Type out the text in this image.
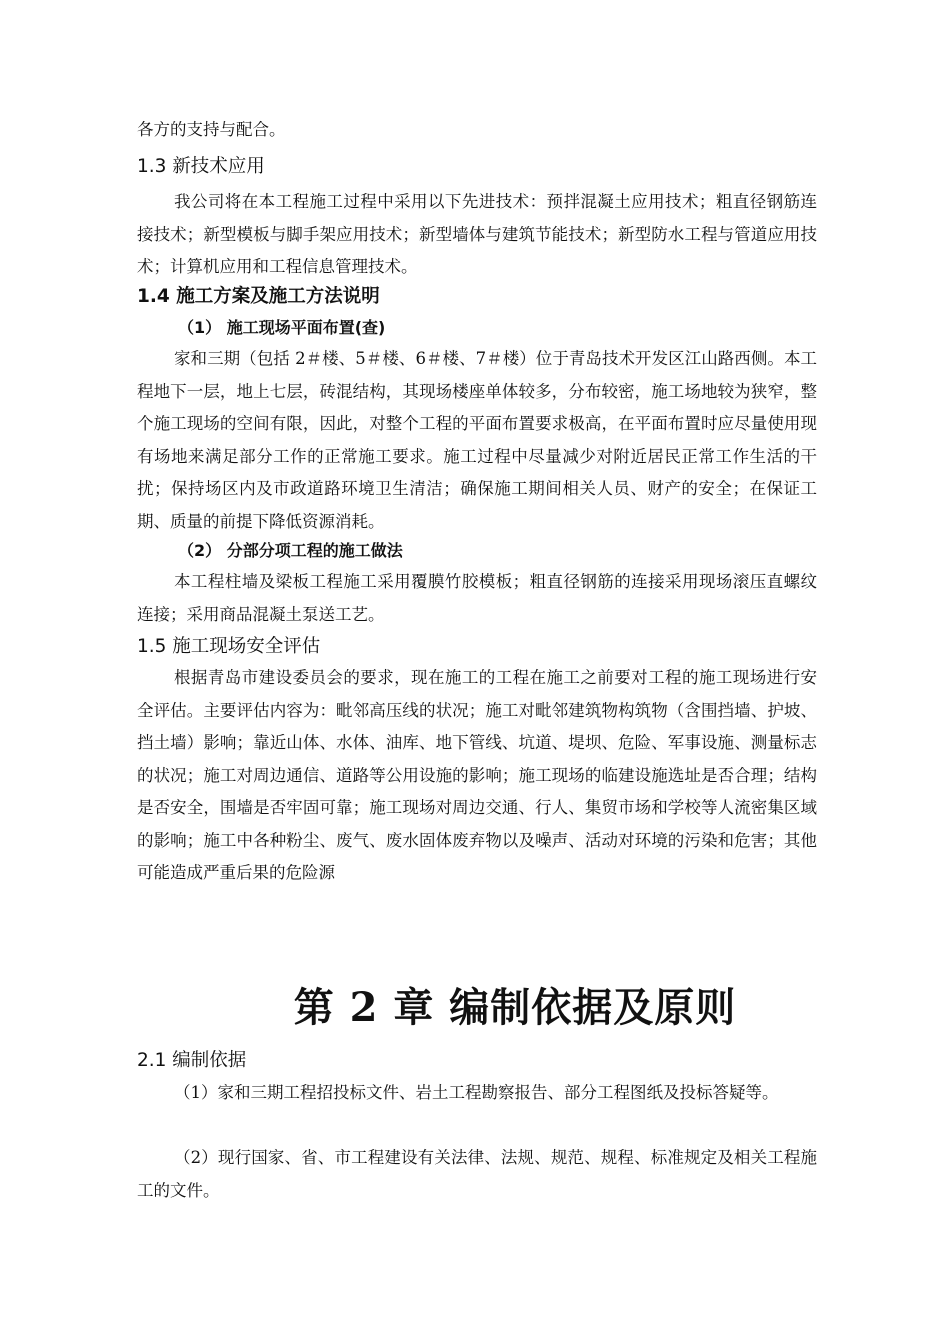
各方的支持与配合。

1.3 新技术应用

我公司将在本工程施工过程中采用以下先进技术：预拌混凝土应用技术；粗直径钢筋连接技术；新型模板与脚手架应用技术；新型墙体与建筑节能技术；新型防水工程与管道应用技术；计算机应用和工程信息管理技术。

1.4 施工方案及施工方法说明

（1） 施工现场平面布置(查)

家和三期（包括 2＃楼、5＃楼、6＃楼、7＃楼）位于青岛技术开发区江山路西侧。本工程地下一层，地上七层，砖混结构，其现场楼座单体较多，分布较密，施工场地较为狭窄，整个施工现场的空间有限，因此，对整个工程的平面布置要求极高，在平面布置时应尽量使用现有场地来满足部分工作的正常施工要求。施工过程中尽量减少对附近居民正常工作生活的干扰；保持场区内及市政道路环境卫生清洁；确保施工期间相关人员、财产的安全；在保证工期、质量的前提下降低资源消耗。

（2） 分部分项工程的施工做法

本工程柱墙及梁板工程施工采用覆膜竹胶模板；粗直径钢筋的连接采用现场滚压直螺纹连接；采用商品混凝土泵送工艺。

1.5 施工现场安全评估

根据青岛市建设委员会的要求，现在施工的工程在施工之前要对工程的施工现场进行安全评估。主要评估内容为：毗邻高压线的状况；施工对毗邻建筑物构筑物（含围挡墙、护坡、挡土墙）影响；靠近山体、水体、油库、地下管线、坑道、堤坝、危险、军事设施、测量标志的状况；施工对周边通信、道路等公用设施的影响；施工现场的临建设施选址是否合理；结构是否安全，围墙是否牢固可靠；施工现场对周边交通、行人、集贸市场和学校等人流密集区域的影响；施工中各种粉尘、废气、废水固体废弃物以及噪声、活动对环境的污染和危害；其他可能造成严重后果的危险源

第 2 章 编制依据及原则
2.1 编制依据

（1）家和三期工程招投标文件、岩土工程勘察报告、部分工程图纸及投标答疑等。

（2）现行国家、省、市工程建设有关法律、法规、规范、规程、标准规定及相关工程施工的文件。
